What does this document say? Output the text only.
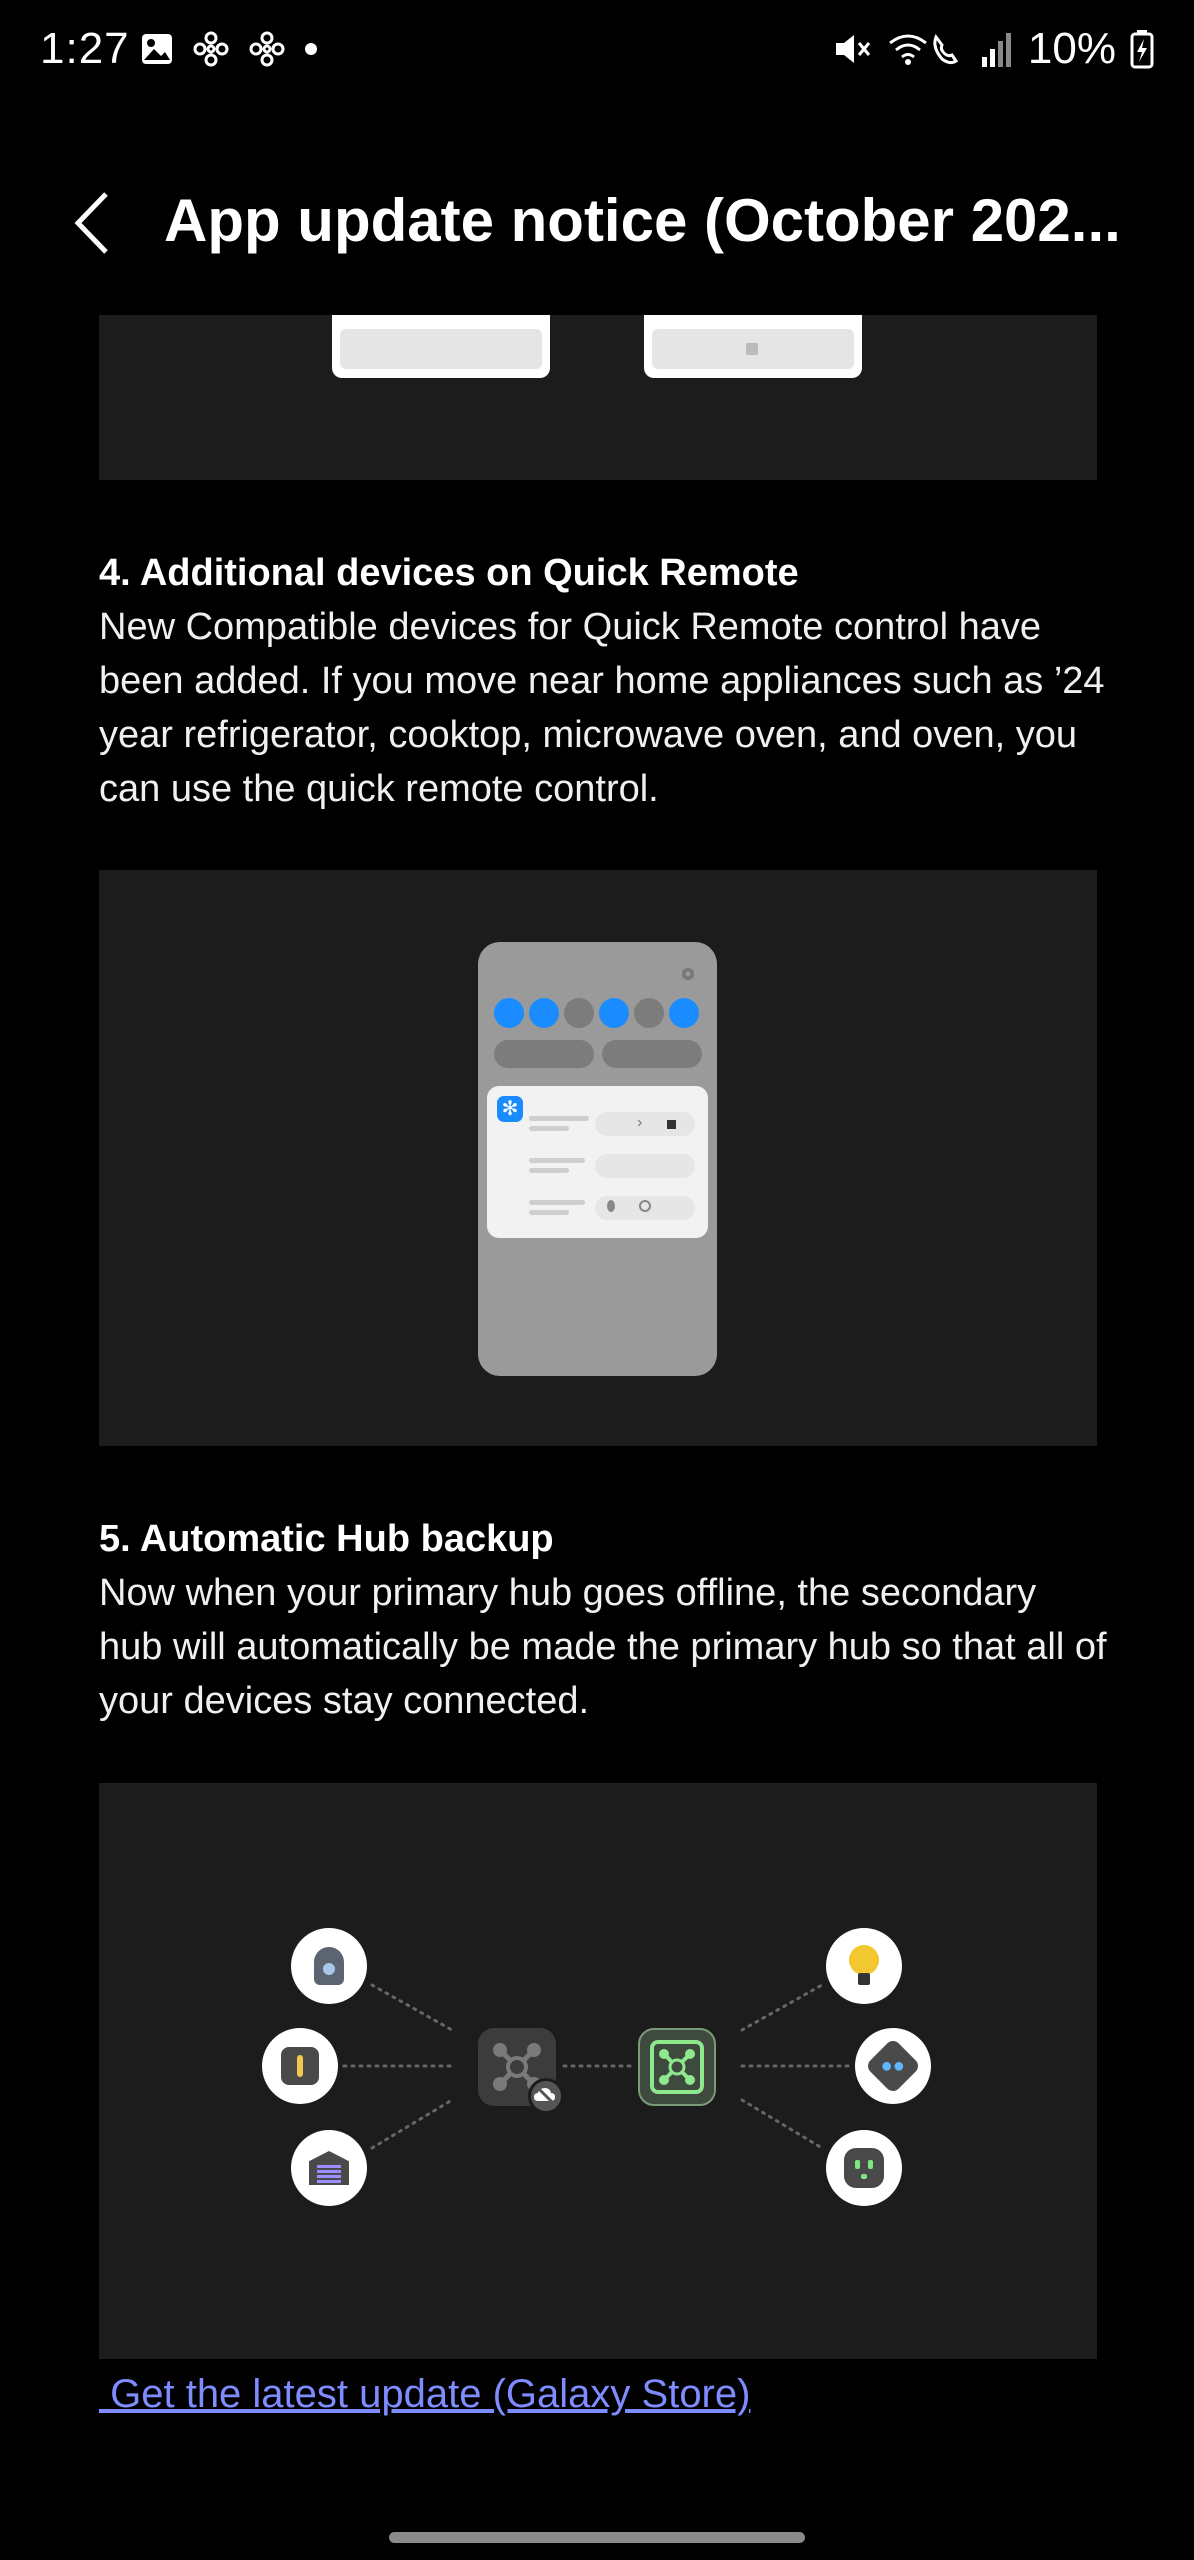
1:27	10%
App update notice (October 202...
4. Additional devices on Quick Remote
New Compatible devices for Quick Remote control have been added. If you move near home appliances such as ’24 year refrigerator, cooktop, microwave oven, and oven, you can use the quick remote control.
✻
›
5. Automatic Hub backup
Now when your primary hub goes offline, the secondary hub will automatically be made the primary hub so that all of your devices stay connected.
●●
Get the latest update (Galaxy Store)
